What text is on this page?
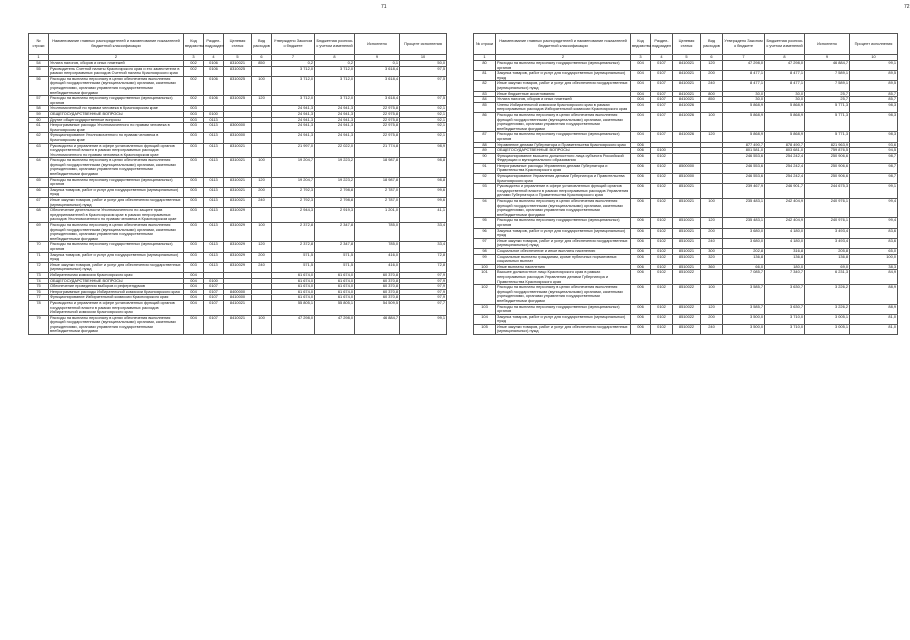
71
№ строки	Наименование главных распорядителей и наименование показателей бюджетной классификации	Код ведомства	Раздел-подраздел	Целевая статья	Вид расходов	Утверждено Законом о бюджете	Бюджетная роспись с учетом изменений	Исполнено	Процент исполнения
1	2	3	4	5	6	7	8	9	10
54	Уплата налогов, сборов и иных платежей	002	0106	8310021	850	0,2	0,2	0,1	50,0
55	Руководитель Счетной палаты Красноярского края и его заместители в рамках непрограммных расходов Счетной палаты Красноярского края	002	0106	8310025		3 712,0	3 712,0	3 618,4	97,5
56	Расходы на выплаты персоналу в целях обеспечения выполнения функций государственными (муниципальными) органами, казенными учреждениями, органами управления государственными внебюджетными фондами	002	0106	8310025	100	3 712,0	3 712,0	3 618,4	97,5
57	Расходы на выплаты персоналу государственных (муниципальных) органов	002	0106	8310025	120	3 712,0	3 712,0	3 618,4	97,5
58	Уполномоченный по правам человека в Красноярском крае	003				24 941,3	24 941,3	22 975,8	92,1
59	ОБЩЕГОСУДАРСТВЕННЫЕ ВОПРОСЫ	003	0100			24 941,3	24 941,3	22 975,8	92,1
60	Другие общегосударственные вопросы	003	0113			24 941,3	24 941,3	22 975,8	92,1
61	Непрограммные расходы Уполномоченного по правам человека в Красноярском крае	003	0113	8300000		24 941,3	24 941,3	22 975,8	92,1
62	Функционирование Уполномоченного по правам человека в Красноярском крае	003	0113	8310000		24 941,3	24 941,3	22 975,8	92,1
63	Руководство и управление в сфере установленных функций органов государственной власти в рамках непрограммных расходов Уполномоченного по правам человека в Красноярском крае	003	0113	8310021		21 997,0	22 022,0	21 774,8	98,9
64	Расходы на выплаты персоналу в целях обеспечения выполнения функций государственными (муниципальными) органами, казенными учреждениями, органами управления государственными внебюджетными фондами	003	0113	8310021	100	19 204,7	19 223,2	18 987,8	98,8
65	Расходы на выплаты персоналу государственных (муниципальных) органов	003	0113	8310021	120	19 204,7	19 223,2	18 987,8	98,8
66	Закупка товаров, работ и услуг для государственных (муниципальных) нужд	003	0113	8310021	200	2 792,3	2 798,8	2 787,0	99,6
67	Иные закупки товаров, работ и услуг для обеспечения государственных (муниципальных) нужд	003	0113	8310021	240	2 792,3	2 798,8	2 787,0	99,6
68	Обеспечение деятельности Уполномоченного по защите прав предпринимателей в Красноярском крае в рамках непрограммных расходов Уполномоченного по правам человека в Красноярском крае	003	0113	8310029		2 944,3	2 919,3	1 201,0	41,1
69	Расходы на выплаты персоналу в целях обеспечения выполнения функций государственными (муниципальными) органами, казенными учреждениями, органами управления государственными внебюджетными фондами	003	0113	8310029	100	2 372,8	2 347,8	785,0	33,4
70	Расходы на выплаты персоналу государственных (муниципальных) органов	003	0113	8310029	120	2 372,8	2 347,8	785,0	33,4
71	Закупка товаров, работ и услуг для государственных (муниципальных) нужд	003	0113	8310029	200	571,5	571,5	416,0	72,8
72	Иные закупки товаров, работ и услуг для обеспечения государственных (муниципальных) нужд	003	0113	8310029	240	571,5	571,5	416,0	72,8
73	Избирательная комиссия Красноярского края	004				61 674,0	61 674,0	60 370,8	97,9
74	ОБЩЕГОСУДАРСТВЕННЫЕ ВОПРОСЫ	004	0100			61 674,0	61 674,0	60 370,8	97,9
75	Обеспечение проведения выборов и референдумов	004	0107			61 674,0	61 674,0	60 370,8	97,9
76	Непрограммные расходы Избирательной комиссии Красноярского края	004	0107	8400000		61 674,0	61 674,0	60 370,8	97,9
77	Функционирование Избирательной комиссии Красноярского края	004	0107	8410000		61 674,0	61 674,0	60 370,8	97,9
78	Руководство и управление в сфере установленных функций органов государственной власти в рамках непрограммных расходов Избирательной комиссии Красноярского края	004	0107	8410021		55 805,1	55 805,1	54 509,5	97,7
79	Расходы на выплаты персоналу в целях обеспечения выполнения функций государственными (муниципальными) органами, казенными учреждениями, органами управления государственными внебюджетными фондами	004	0107	8410021	100	47 298,0	47 298,0	46 884,7	99,1
72
№ строки	Наименование главных распорядителей и наименование показателей бюджетной классификации	Код ведомства	Раздел-подраздел	Целевая статья	Вид расходов	Утверждено Законом о бюджете	Бюджетная роспись с учетом изменений	Исполнено	Процент исполнения
1	2	3	4	5	6	7	8	9	10
80	Расходы на выплаты персоналу государственных (муниципальных) органов	004	0107	8410021	120	47 298,0	47 298,0	46 884,7	99,1
81	Закупка товаров, работ и услуг для государственных (муниципальных) нужд	004	0107	8410021	200	8 477,1	8 477,1	7 589,1	89,5
82	Иные закупки товаров, работ и услуг для обеспечения государственных (муниципальных) нужд	004	0107	8410021	240	8 477,1	8 477,1	7 589,1	89,5
83	Иные бюджетные ассигнования	004	0107	8410021	800	30,0	30,0	25,7	85,7
84	Уплата налогов, сборов и иных платежей	004	0107	8410021	850	30,0	30,0	25,7	85,7
85	Члены Избирательной комиссии Красноярского края в рамках непрограммных расходов Избирательной комиссии Красноярского края	004	0107	8410026		5 868,9	5 868,9	5 771,3	98,3
86	Расходы на выплаты персоналу в целях обеспечения выполнения функций государственными (муниципальными) органами, казенными учреждениями, органами управления государственными внебюджетными фондами	004	0107	8410026	100	5 868,9	5 868,9	5 771,3	98,3
87	Расходы на выплаты персоналу государственных (муниципальных) органов	004	0107	8410026	120	5 868,9	5 868,9	5 771,3	98,3
88	Управление делами Губернатора и Правительства Красноярского края	006				877 490,7	878 490,7	821 963,9	93,6
89	ОБЩЕГОСУДАРСТВЕННЫЕ ВОПРОСЫ	006	0100			801 581,0	803 681,0	759 876,5	94,5
90	Функционирование высшего должностного лица субъекта Российской Федерации и муниципального образования	006	0102			246 553,6	254 242,4	250 906,6	98,7
91	Непрограммные расходы Управления делами Губернатора и Правительства Красноярского края	006	0102	8500000		246 553,6	254 242,4	250 906,6	98,7
92	Функционирование Управления делами Губернатора и Правительства Красноярского края	006	0102	8510000		246 553,6	254 242,4	250 906,6	98,7
93	Руководство и управление в сфере установленных функций органов государственной власти в рамках непрограммных расходов Управления делами Губернатора и Правительства Красноярского края	006	0102	8510021		239 467,9	246 901,7	244 675,3	99,1
94	Расходы на выплаты персоналу в целях обеспечения выполнения функций государственными (муниципальными) органами, казенными учреждениями, органами управления государственными внебюджетными фондами	006	0102	8510021	100	235 483,1	242 404,9	240 976,1	99,4
95	Расходы на выплаты персоналу государственных (муниципальных) органов	006	0102	8510021	120	235 483,1	242 404,9	240 976,1	99,4
96	Закупка товаров, работ и услуг для государственных (муниципальных) нужд	006	0102	8510021	200	3 680,0	4 180,0	3 493,4	83,6
97	Иные закупки товаров, работ и услуг для обеспечения государственных (муниципальных) нужд	006	0102	8510021	240	3 680,0	4 180,0	3 493,4	83,6
98	Социальное обеспечение и иные выплаты населению	006	0102	8510021	300	202,8	316,8	205,8	65,0
99	Социальные выплаты гражданам, кроме публичных нормативных социальных выплат	006	0102	8510021	320	136,8	136,8	136,8	100,0
100	Иные выплаты населению	006	0102	8510021	360	66,0	180,0	69,0	38,3
101	Высшее должностное лицо Красноярского края в рамках непрограммных расходов Управления делами Губернатора и Правительства Красноярского края	006	0102	8510022		7 085,7	7 340,7	6 231,3	84,9
102	Расходы на выплаты персоналу в целях обеспечения выполнения функций государственными (муниципальными) органами, казенными учреждениями, органами управления государственными внебюджетными фондами	006	0102	8510022	100	3 585,7	3 630,7	3 226,2	88,9
103	Расходы на выплаты персоналу государственных (муниципальных) органов	006	0102	8510022	120	3 585,7	3 630,7	3 226,2	88,9
104	Закупка товаров, работ и услуг для государственных (муниципальных) нужд	006	0102	8510022	200	3 500,0	3 710,0	3 005,1	81,0
105	Иные закупки товаров, работ и услуг для обеспечения государственных (муниципальных) нужд	006	0102	8510022	240	3 500,0	3 710,0	3 005,1	81,0
